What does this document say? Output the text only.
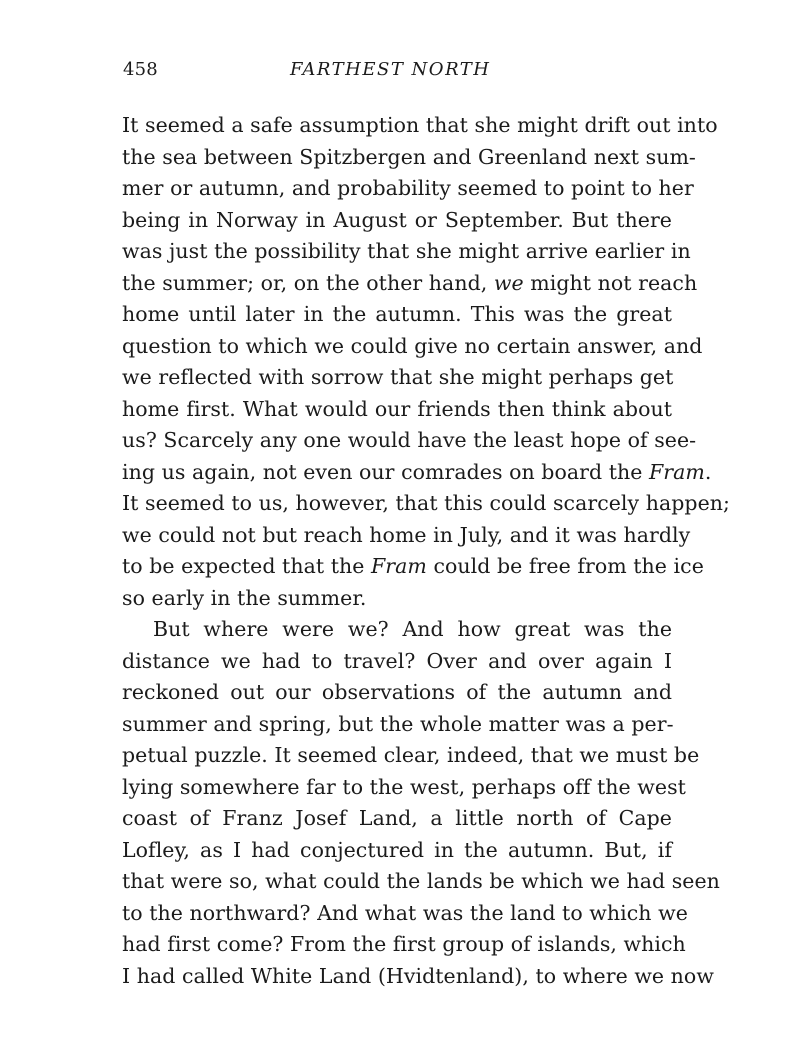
458	FARTHEST NORTH
It seemed a safe assumption that she might drift out into
the sea between Spitzbergen and Greenland next sum-
mer or autumn, and probability seemed to point to her
being in Norway in August or September. But there
was just the possibility that she might arrive earlier in
the summer; or, on the other hand, we might not reach
home until later in the autumn. This was the great
question to which we could give no certain answer, and
we reflected with sorrow that she might perhaps get
home first. What would our friends then think about
us? Scarcely any one would have the least hope of see-
ing us again, not even our comrades on board the Fram.
It seemed to us, however, that this could scarcely happen;
we could not but reach home in July, and it was hardly
to be expected that the Fram could be free from the ice
so early in the summer.
But where were we? And how great was the
distance we had to travel? Over and over again I
reckoned out our observations of the autumn and
summer and spring, but the whole matter was a per-
petual puzzle. It seemed clear, indeed, that we must be
lying somewhere far to the west, perhaps off the west
coast of Franz Josef Land, a little north of Cape
Lofley, as I had conjectured in the autumn. But, if
that were so, what could the lands be which we had seen
to the northward? And what was the land to which we
had first come? From the first group of islands, which
I had called White Land (Hvidtenland), to where we now
